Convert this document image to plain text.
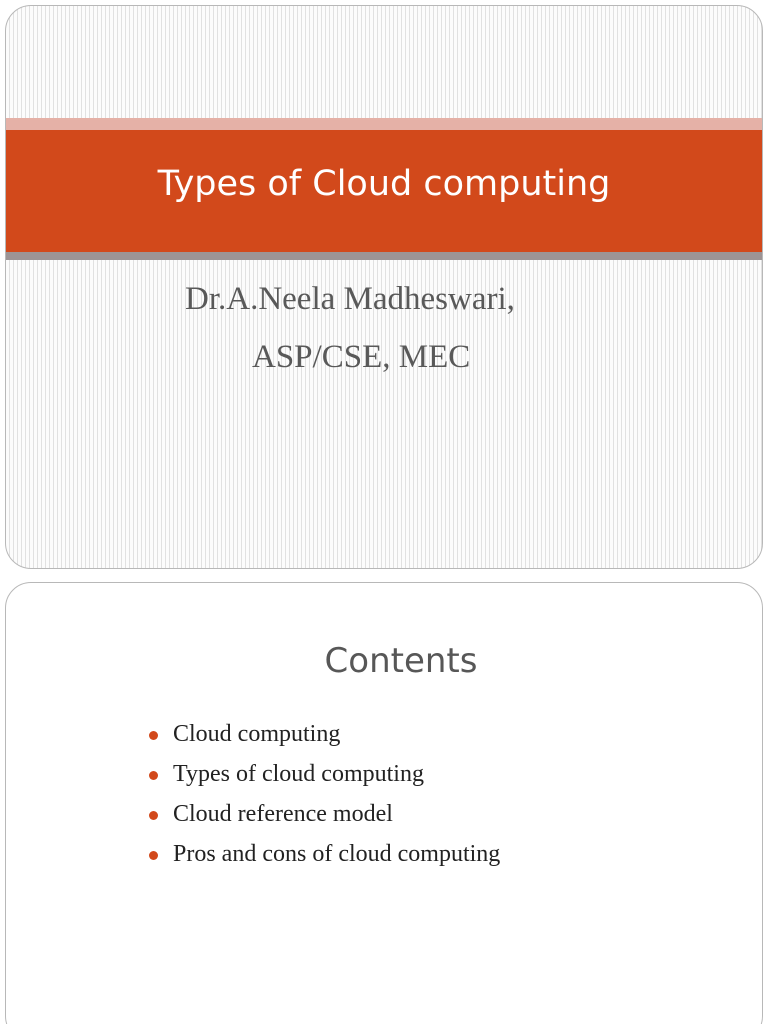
Types of Cloud computing
Dr.A.Neela Madheswari,
ASP/CSE, MEC
Contents
Cloud computing
Types of cloud computing
Cloud reference model
Pros and cons of cloud computing
